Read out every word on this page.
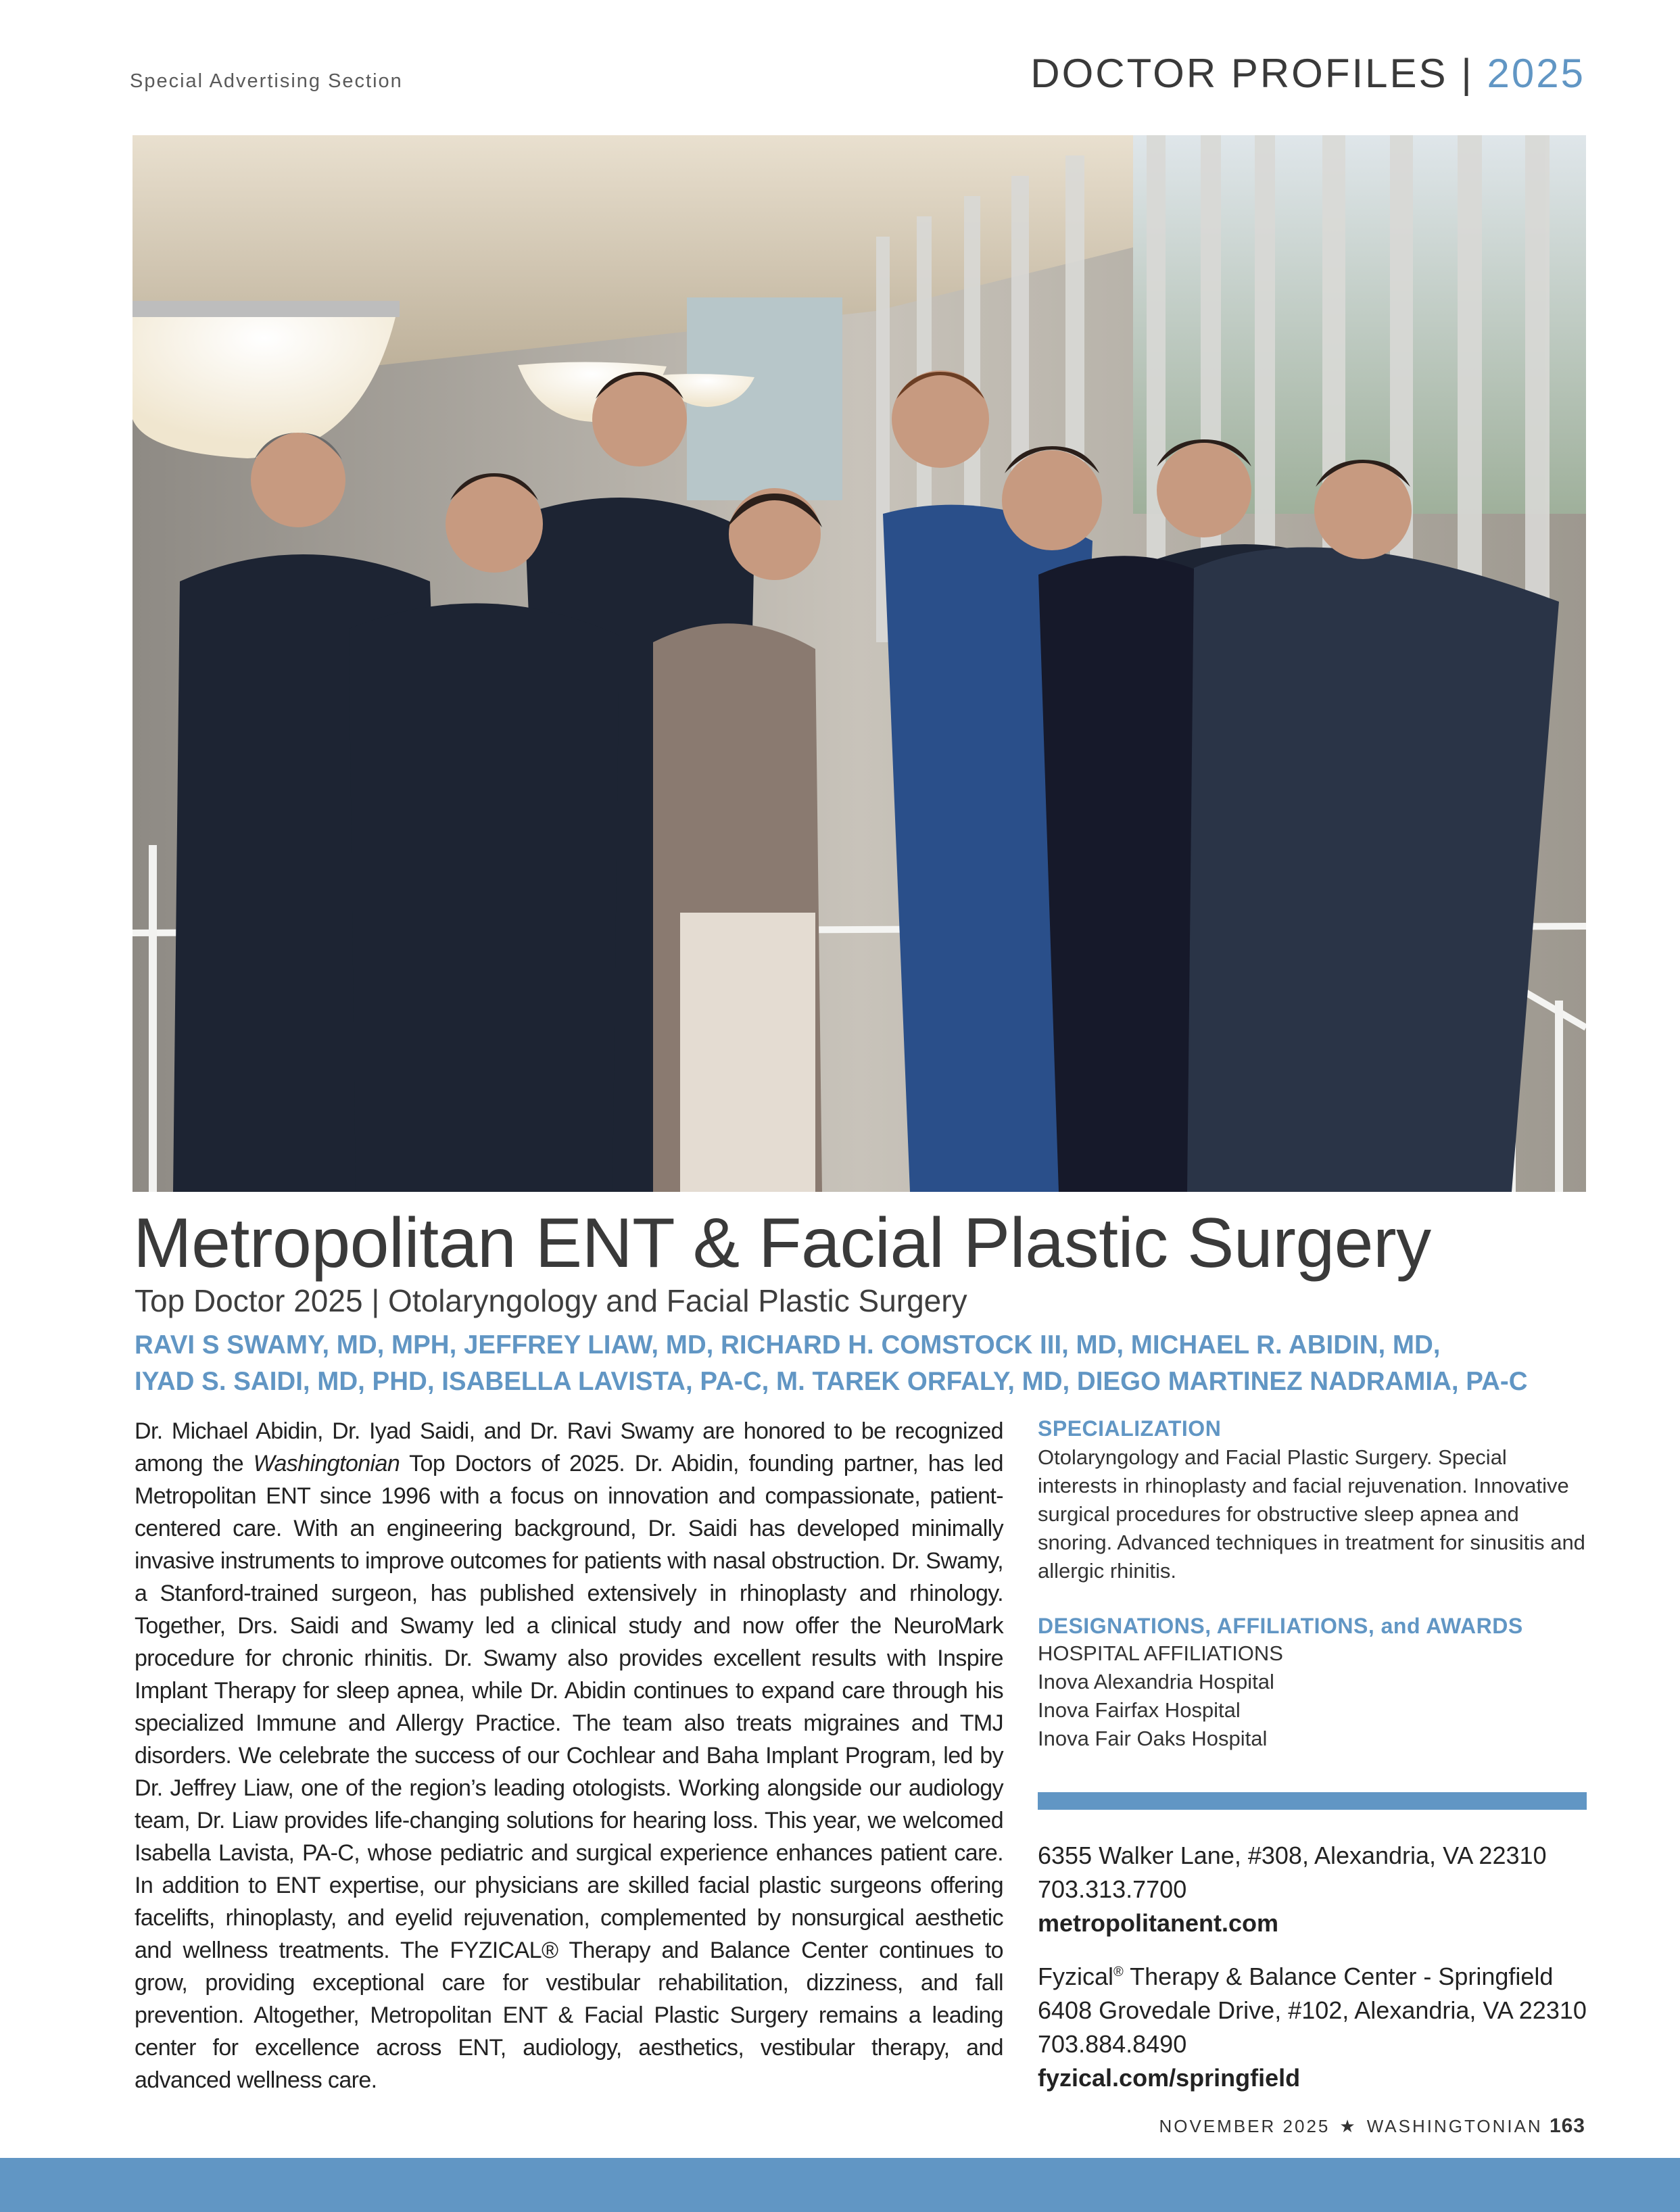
Special Advertising Section	DOCTOR PROFILES | 2025
Metropolitan ENT & Facial Plastic Surgery
Top Doctor 2025 | Otolaryngology and Facial Plastic Surgery
RAVI S SWAMY, MD, MPH, JEFFREY LIAW, MD, RICHARD H. COMSTOCK III, MD, MICHAEL R. ABIDIN, MD,
IYAD S. SAIDI, MD, PHD, ISABELLA LAVISTA, PA-C, M. TAREK ORFALY, MD, DIEGO MARTINEZ NADRAMIA, PA-C
Dr. Michael Abidin, Dr. Iyad Saidi, and Dr. Ravi Swamy are honored to be recognized among the Washingtonian Top Doctors of 2025. Dr. Abidin, founding partner, has led Metropolitan ENT since 1996 with a focus on innovation and compassionate, patient-centered care. With an engineering background, Dr. Saidi has developed minimally invasive instruments to improve outcomes for patients with nasal obstruction. Dr. Swamy, a Stanford-trained surgeon, has published extensively in rhinoplasty and rhinology. Together, Drs. Saidi and Swamy led a clinical study and now offer the NeuroMark procedure for chronic rhinitis. Dr. Swamy also provides excellent results with Inspire Implant Therapy for sleep apnea, while Dr. Abidin continues to expand care through his specialized Immune and Allergy Practice. The team also treats migraines and TMJ disorders. We celebrate the success of our Cochlear and Baha Implant Program, led by Dr. Jeffrey Liaw, one of the region’s leading otologists. Working alongside our audiology team, Dr. Liaw provides life-changing solutions for hearing loss. This year, we welcomed Isabella Lavista, PA-C, whose pediatric and surgical experience enhances patient care. In addition to ENT expertise, our physicians are skilled facial plastic surgeons offering facelifts, rhinoplasty, and eyelid rejuvenation, complemented by nonsurgical aesthetic and wellness treatments. The FYZICAL® Therapy and Balance Center continues to grow, providing exceptional care for vestibular rehabilitation, dizziness, and fall prevention. Altogether, Metropolitan ENT & Facial Plastic Surgery remains a leading center for excellence across ENT, audiology, aesthetics, vestibular therapy, and advanced wellness care.
SPECIALIZATION
Otolaryngology and Facial Plastic Surgery. Special interests in rhinoplasty and facial rejuvenation. Innovative surgical procedures for obstructive sleep apnea and snoring. Advanced techniques in treatment for sinusitis and allergic rhinitis.
DESIGNATIONS, AFFILIATIONS, and AWARDS
HOSPITAL AFFILIATIONS
Inova Alexandria Hospital
Inova Fairfax Hospital
Inova Fair Oaks Hospital
6355 Walker Lane, #308, Alexandria, VA 22310
703.313.7700
metropolitanent.com
Fyzical® Therapy & Balance Center - Springfield
6408 Grovedale Drive, #102, Alexandria, VA 22310
703.884.8490
fyzical.com/springfield
NOVEMBER 2025 ★ WASHINGTONIAN 163
